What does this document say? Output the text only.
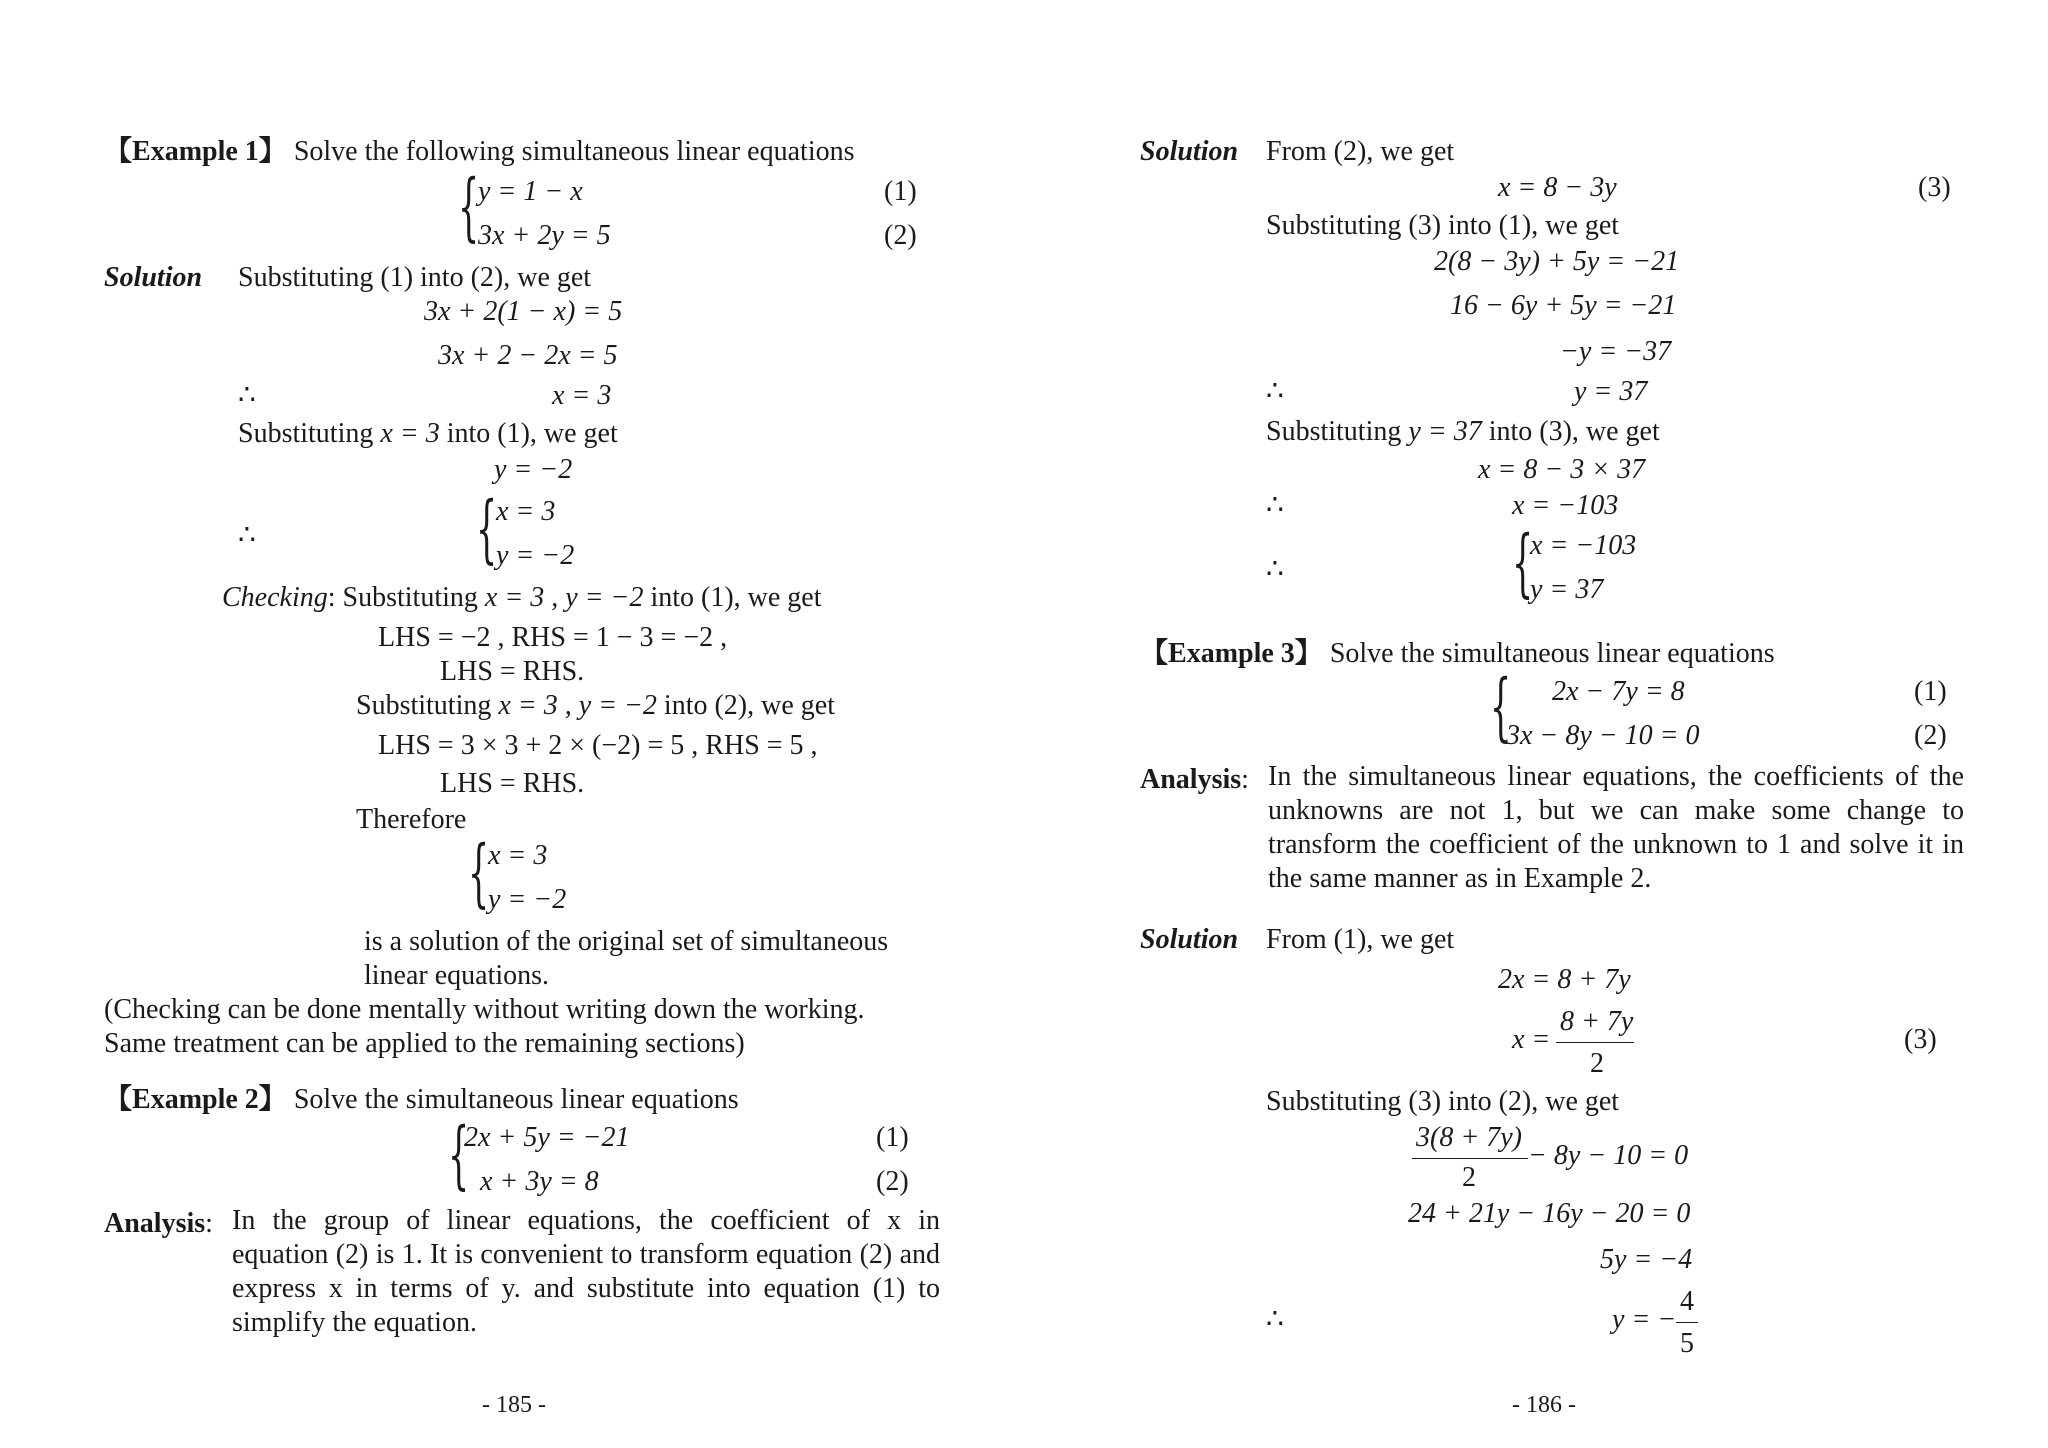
【Example 1】 Solve the following simultaneous linear equations
{
y = 1 − x	(1)
3x + 2y = 5	(2)
Solution Substituting (1) into (2), we get
3x + 2(1 − x) = 5
3x + 2 − 2x = 5
∴	x = 3
Substituting x = 3 into (1), we get
y = −2
∴	{
x = 3
y = −2
Checking: Substituting x = 3 , y = −2 into (1), we get
LHS = −2 , RHS = 1 − 3 = −2 ,
LHS = RHS.
Substituting x = 3 , y = −2 into (2), we get
LHS = 3 × 3 + 2 × (−2) = 5 , RHS = 5 ,
LHS = RHS.
Therefore
{
x = 3
y = −2
is a solution of the original set of simultaneous
linear equations.
(Checking can be done mentally without writing down the working.
Same treatment can be applied to the remaining sections)
【Example 2】 Solve the simultaneous linear equations
{
2x + 5y = −21	(1)
x + 3y = 8	(2)
Analysis: In the group of linear equations, the coefficient of x in equation (2) is 1. It is convenient to transform equation (2) and express x in terms of y. and substitute into equation (1) to simplify the equation.
- 185 -
Solution From (2), we get
x = 8 − 3y	(3)
Substituting (3) into (1), we get
2(8 − 3y) + 5y = −21
16 − 6y + 5y = −21
−y = −37
∴	y = 37
Substituting y = 37 into (3), we get
x = 8 − 3 × 37
∴	x = −103
∴	{
x = −103
y = 37
【Example 3】 Solve the simultaneous linear equations
{ 2x − 7y = 8	(1)
3x − 8y − 10 = 0	(2)
Analysis: In the simultaneous linear equations, the coefficients of the unknowns are not 1, but we can make some change to transform the coefficient of the unknown to 1 and solve it in the same manner as in Example 2.
Solution From (1), we get
2x = 8 + 7y
x =
8 + 7y
2
(3)
Substituting (3) into (2), we get
3(8 + 7y)
2
− 8y − 10 = 0
24 + 21y − 16y − 20 = 0
5y = −4
∴	y = −
4
5
- 186 -
